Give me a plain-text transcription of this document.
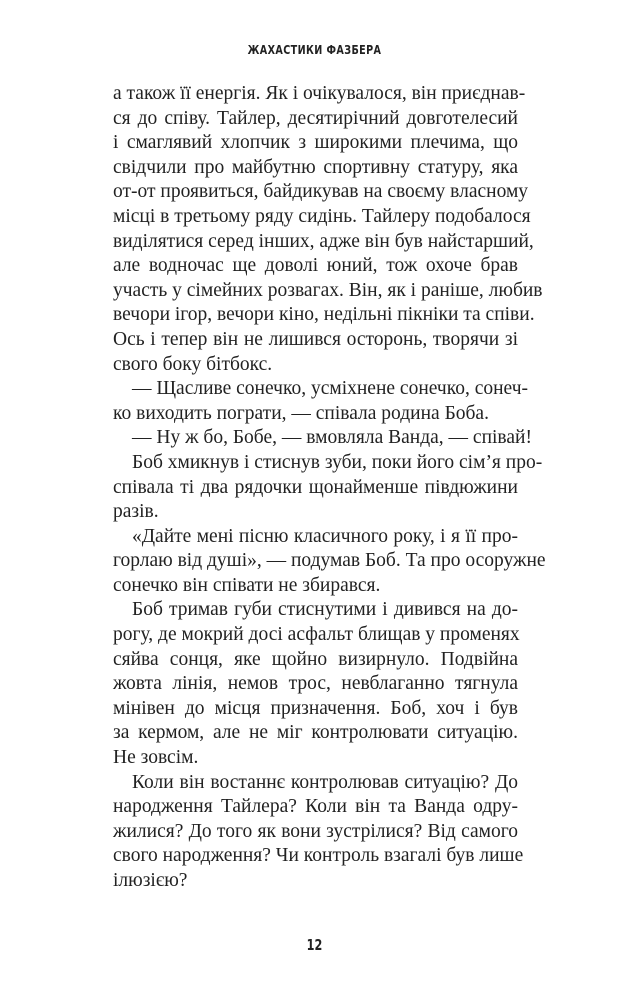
ЖАХАСТИКИ ФАЗБЕРА
а також її енергія. Як і очікувалося, він приєднав-
ся до співу. Тайлер, десятирічний довготелесий
і смаглявий хлопчик з широкими плечима, що
свідчили про майбутню спортивну статуру, яка
от-от проявиться, байдикував на своєму власному
місці в третьому ряду сидінь. Тайлеру подобалося
виділятися серед інших, адже він був найстарший,
але водночас ще доволі юний, тож охоче брав
участь у сімейних розвагах. Він, як і раніше, любив
вечори ігор, вечори кіно, недільні пікніки та співи.
Ось і тепер він не лишився осторонь, творячи зі
свого боку бітбокс.
— Щасливе сонечко, усміхнене сонечко, сонеч-
ко виходить пограти, — співала родина Боба.
— Ну ж бо, Бобе, — вмовляла Ванда, — співай!
Боб хмикнув і стиснув зуби, поки його сім’я про-
співала ті два рядочки щонайменше півдюжини
разів.
«Дайте мені пісню класичного року, і я її про-
горлаю від душі», — подумав Боб. Та про осоружне
сонечко він співати не збирався.
Боб тримав губи стиснутими і дивився на до-
рогу, де мокрий досі асфальт блищав у променях
сяйва сонця, яке щойно визирнуло. Подвійна
жовта лінія, немов трос, невблаганно тягнула
мінівен до місця призначення. Боб, хоч і був
за кермом, але не міг контролювати ситуацію.
Не зовсім.
Коли він востаннє контролював ситуацію? До
народження Тайлера? Коли він та Ванда одру-
жилися? До того як вони зустрілися? Від самого
свого народження? Чи контроль взагалі був лише
ілюзією?
12
